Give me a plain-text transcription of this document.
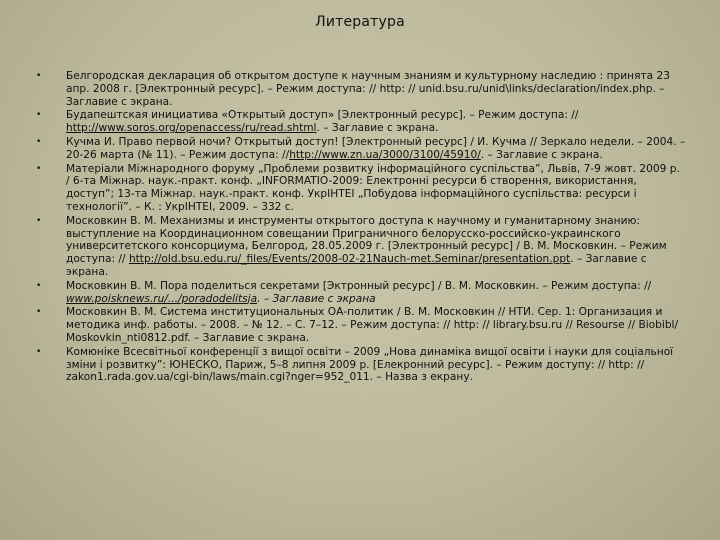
Литература
• Белгородская декларация об открытом доступе к научным знаниям и культурному наследию : принята 23 апр. 2008 г. [Электронный ресурс]. – Режим доступа: // http: // unid.bsu.ru/unid\links/declaration/index.php. – Заглавие с экрана.
• Будапештская инициатива «Открытый доступ» [Электронный ресурс]. – Режим доступа: // http://www.soros.org/openaccess/ru/read.shtml. – Заглавие с экрана.
• Кучма И. Право первой ночи? Открытый доступ! [Электронный ресурс] / И. Кучма // Зеркало недели. – 2004. – 20-26 марта (№ 11). – Режим доступа: //http://www.zn.ua/3000/3100/45910/. – Заглавие с экрана.
• Матеріали Міжнародного форуму „Проблеми розвитку інформаційного суспільства”, Львів, 7-9 жовт. 2009 р. / 6-та Міжнар. наук.-практ. конф. „INFORMATIO-2009: Електронні ресурси б створення, використання, доступ”; 13-та Міжнар. наук.-практ. конф. УкрІНТЕІ „Побудова інформаційного суспільства: ресурси і технології”. – К. : УкрІНТЕІ, 2009. – 332 с.
• Московкин В. М. Механизмы и инструменты открытого доступа к научному и гуманитарному знанию: выступление на Координационном совещании Приграничного белорусско-российско-украинского университетского консорциума, Белгород, 28.05.2009 г. [Электронный ресурс] / В. М. Московкин. – Режим доступа: // http://old.bsu.edu.ru/_files/Events/2008-02-21Nauch-met.Seminar/presentation.ppt. – Заглавие с экрана.
• Московкин В. М. Пора поделиться секретами [Эктронный ресурс] / В. М. Московкин. – Режим доступа: // www.poisknews.ru/.../poradodelitsja. – Заглавие с экрана
• Московкин В. М. Система институциональных ОА-политик / В. М. Московкин // НТИ. Сер. 1: Организация и методика инф. работы. – 2008. – № 12. – С. 7–12. – Режим доступа: // http: // library.bsu.ru // Resourse // Biobibl/ Moskovkin_nti0812.pdf. – Заглавие с экрана.
• Комюніке Всесвітньої конференції з вищої освіти – 2009 „Нова динаміка вищої освіти і науки для соціальної зміни і розвитку”: ЮНЕСКО, Париж, 5–8 липня 2009 р. [Елекронний ресурс]. – Режим доступу: // http: // zakon1.rada.gov.ua/cgi-bin/laws/main.cgi?nger=952_011. – Назва з екрану.
